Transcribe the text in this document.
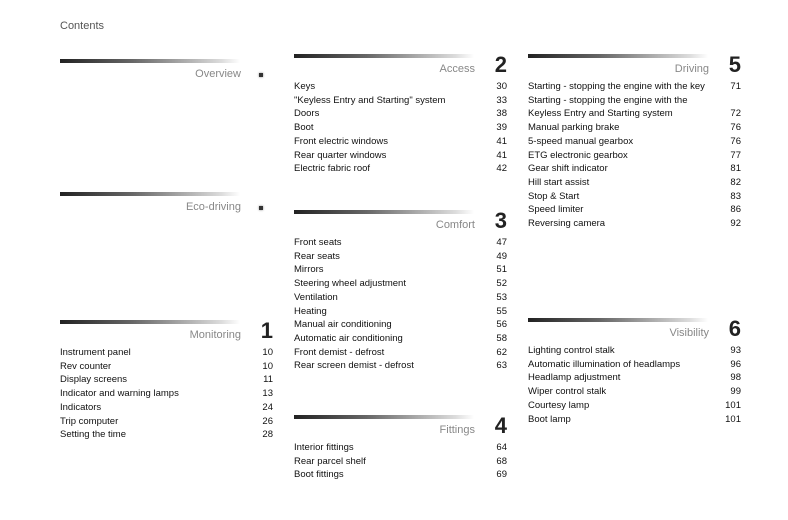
Contents
Overview
Eco-driving
Monitoring 1
Instrument panel	10
Rev counter	10
Display screens	11
Indicator and warning lamps	13
Indicators	24
Trip computer	26
Setting the time	28
Access 2
Keys	30
"Keyless Entry and Starting" system	33
Doors	38
Boot	39
Front electric windows	41
Rear quarter windows	41
Electric fabric roof	42
Comfort 3
Front seats	47
Rear seats	49
Mirrors	51
Steering wheel adjustment	52
Ventilation	53
Heating	55
Manual air conditioning	56
Automatic air conditioning	58
Front demist - defrost	62
Rear screen demist - defrost	63
Fittings 4
Interior fittings	64
Rear parcel shelf	68
Boot fittings	69
Driving 5
Starting - stopping the engine with the key	71
Starting - stopping the engine with the Keyless Entry and Starting system	72
Manual parking brake	76
5-speed manual gearbox	76
ETG electronic gearbox	77
Gear shift indicator	81
Hill start assist	82
Stop & Start	83
Speed limiter	86
Reversing camera	92
Visibility 6
Lighting control stalk	93
Automatic illumination of headlamps	96
Headlamp adjustment	98
Wiper control stalk	99
Courtesy lamp	101
Boot lamp	101
